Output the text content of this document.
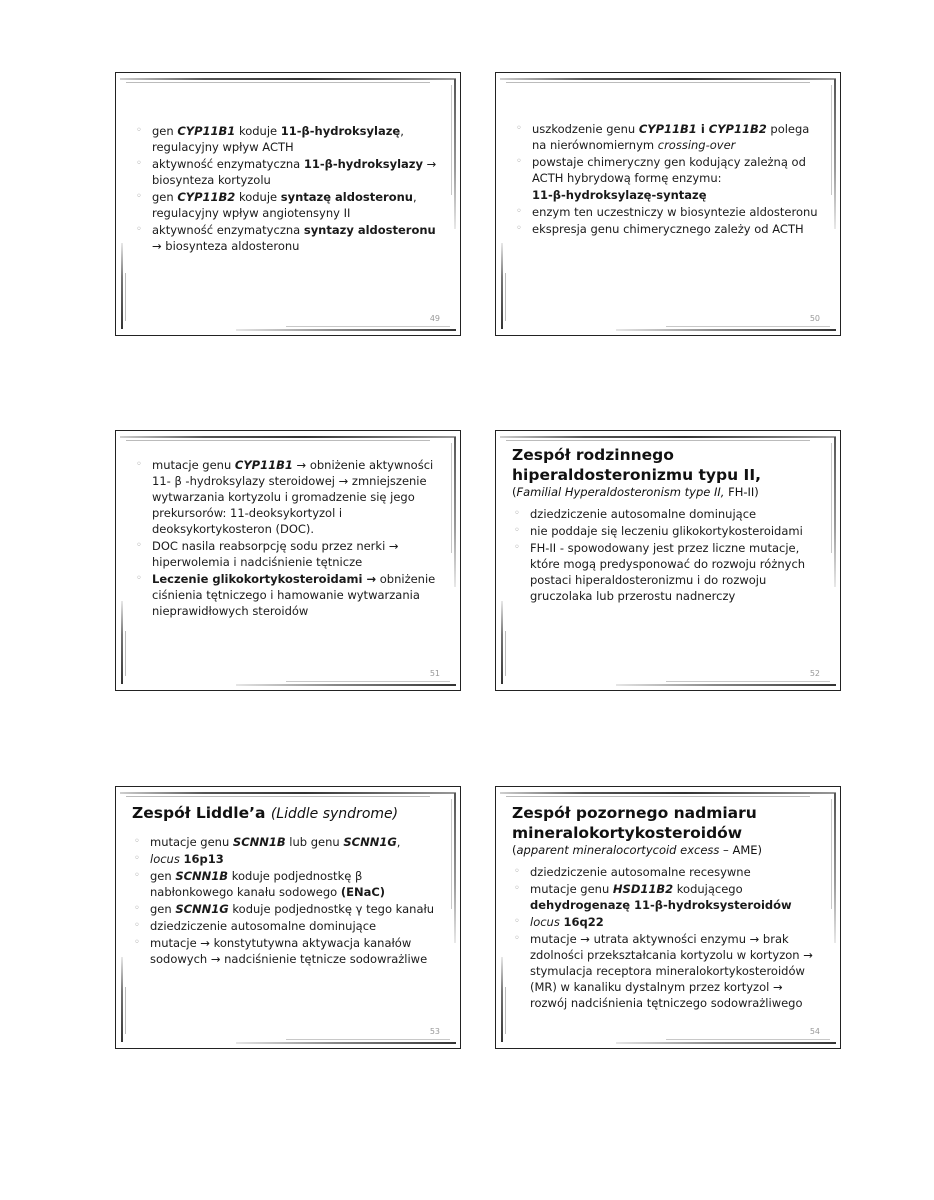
◦ gen CYP11B1 koduje 11-β-hydroksylazę, regulacyjny wpływ ACTH
◦ aktywność enzymatyczna 11-β-hydroksylazy → biosynteza kortyzolu
◦ gen CYP11B2 koduje syntazę aldosteronu, regulacyjny wpływ angiotensyny II
◦ aktywność enzymatyczna syntazy aldosteronu → biosynteza aldosteronu
49
◦ uszkodzenie genu CYP11B1 i CYP11B2 polega na nierównomiernym crossing-over
◦ powstaje chimeryczny gen kodujący zależną od ACTH hybrydową formę enzymu:
11-β-hydroksylazę-syntazę
◦ enzym ten uczestniczy w biosyntezie aldosteronu
◦ ekspresja genu chimerycznego zależy od ACTH
50
◦ mutacje genu CYP11B1 → obniżenie aktywności 11- β -hydroksylazy steroidowej → zmniejszenie wytwarzania kortyzolu i gromadzenie się jego prekursorów: 11-deoksykortyzol i deoksykortykosteron (DOC).
◦ DOC nasila reabsorpcję sodu przez nerki → hiperwolemia i nadciśnienie tętnicze
◦ Leczenie glikokortykosteroidami → obniżenie ciśnienia tętniczego i hamowanie wytwarzania nieprawidłowych steroidów
51

Zespół rodzinnego hiperaldosteronizmu typu II,

(Familial Hyperaldosteronism type II, FH-II)

◦ dziedziczenie autosomalne dominujące
◦ nie poddaje się leczeniu glikokortykosteroidami
◦ FH-II - spowodowany jest przez liczne mutacje, które mogą predysponować do rozwoju różnych postaci hiperaldosteronizmu i do rozwoju gruczolaka lub przerostu nadnerczy
52

Zespół Liddle’a (Liddle syndrome)

◦ mutacje genu SCNN1B lub genu SCNN1G,
◦ locus 16p13
◦ gen SCNN1B koduje podjednostkę β nabłonkowego kanału sodowego (ENaC)
◦ gen SCNN1G koduje podjednostkę γ tego kanału
◦ dziedziczenie autosomalne dominujące
◦ mutacje → konstytutywna aktywacja kanałów sodowych → nadciśnienie tętnicze sodowrażliwe
53

Zespół pozornego nadmiaru mineralokortykosteroidów

(apparent mineralocortycoid excess – AME)

◦ dziedziczenie autosomalne recesywne
◦ mutacje genu HSD11B2 kodującego dehydrogenazę 11-β-hydroksysteroidów
◦ locus 16q22
◦ mutacje → utrata aktywności enzymu → brak zdolności przekształcania kortyzolu w kortyzon → stymulacja receptora mineralokortykosteroidów (MR) w kanaliku dystalnym przez kortyzol → rozwój nadciśnienia tętniczego sodowrażliwego
54
